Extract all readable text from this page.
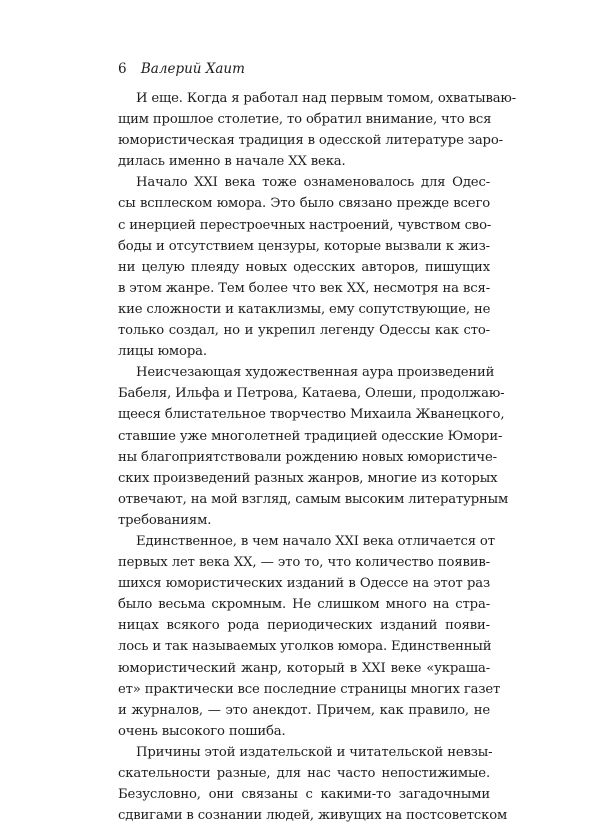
6 Валерий Хаит

И еще. Когда я работал над первым томом, охватываю-
щим прошлое столетие, то обратил внимание, что вся
юмористическая традиция в одесской литературе заро-
дилась именно в начале ХХ века.

Начало XXI века тоже ознаменовалось для Одес-
сы всплеском юмора. Это было связано прежде всего
с инерцией перестроечных настроений, чувством сво-
боды и отсутствием цензуры, которые вызвали к жиз-
ни целую плеяду новых одесских авторов, пишущих
в этом жанре. Тем более что век ХХ, несмотря на вся-
кие сложности и катаклизмы, ему сопутствующие, не
только создал, но и укрепил легенду Одессы как сто-
лицы юмора.

Неисчезающая художественная аура произведений
Бабеля, Ильфа и Петрова, Катаева, Олеши, продолжаю-
щееся блистательное творчество Михаила Жванецкого,
ставшие уже многолетней традицией одесские Юмори-
ны благоприятствовали рождению новых юмористиче-
ских произведений разных жанров, многие из которых
отвечают, на мой взгляд, самым высоким литературным
требованиям.

Единственное, в чем начало XXI века отличается от
первых лет века ХХ, — это то, что количество появив-
шихся юмористических изданий в Одессе на этот раз
было весьма скромным. Не слишком много на стра-
ницах всякого рода периодических изданий появи-
лось и так называемых уголков юмора. Единственный
юмористический жанр, который в XXI веке «украша-
ет» практически все последние страницы многих газет
и журналов, — это анекдот. Причем, как правило, не
очень высокого пошиба.

Причины этой издательской и читательской невзы-
скательности разные, для нас часто непостижимые.
Безусловно, они связаны с какими-то загадочными
сдвигами в сознании людей, живущих на постсоветском
